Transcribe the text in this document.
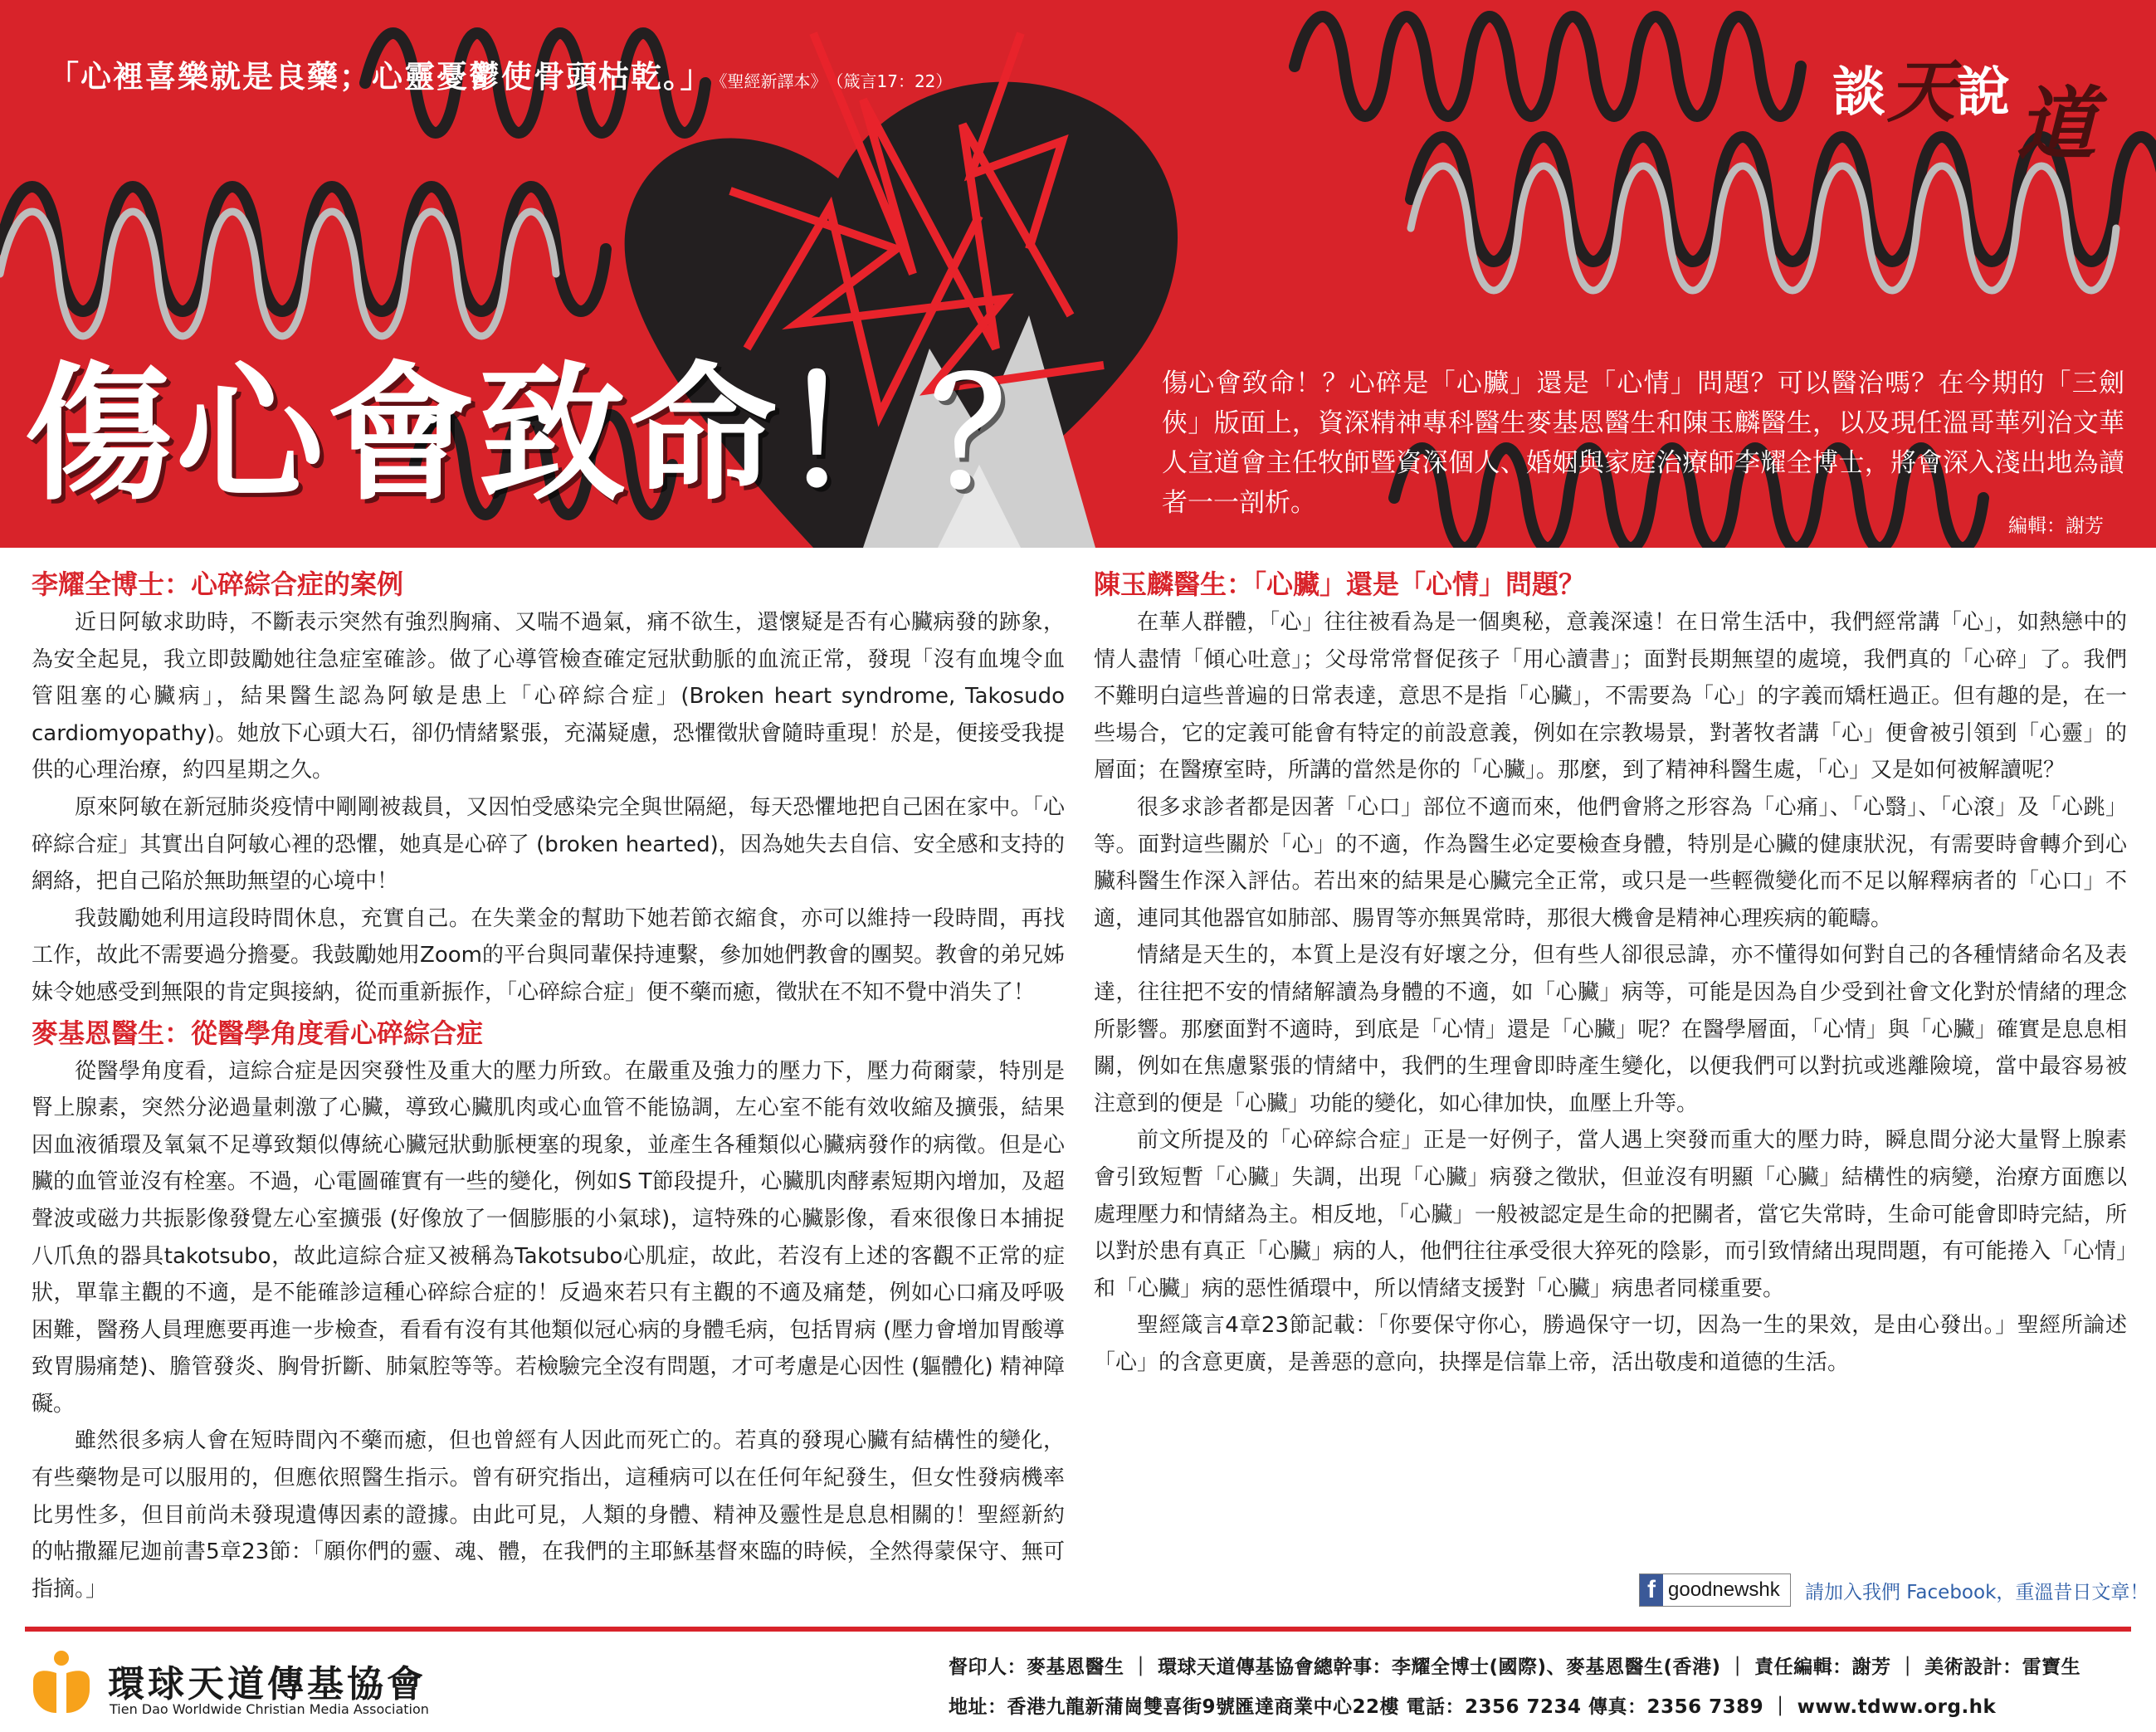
「心裡喜樂就是良藥；心靈憂鬱使骨頭枯乾。」 《聖經新譯本》 （箴言17：22）	談 天 說 道
傷心會致命！？	傷心會致命！？心碎是「心臟」還是「心情」問題？可以醫治嗎？在今期的「三劍俠」版面上，資深精神專科醫生麥基恩醫生和陳玉麟醫生，以及現任溫哥華列治文華人宣道會主任牧師暨資深個人、婚姻與家庭治療師李耀全博士，將會深入淺出地為讀者一一剖析。
編輯：謝芳
李耀全博士：心碎綜合症的案例

近日阿敏求助時，不斷表示突然有強烈胸痛、又喘不過氣，痛不欲生，還懷疑是否有心臟病發的跡象，為安全起見，我立即鼓勵她往急症室確診。做了心導管檢查確定冠狀動脈的血流正常，發現「沒有血塊令血管阻塞的心臟病」，結果醫生認為阿敏是患上「心碎綜合症」(Broken heart syndrome, Takosudo cardiomyopathy)。她放下心頭大石，卻仍情緒緊張，充滿疑慮，恐懼徵狀會隨時重現！於是，便接受我提供的心理治療，約四星期之久。

原來阿敏在新冠肺炎疫情中剛剛被裁員，又因怕受感染完全與世隔絕，每天恐懼地把自己困在家中。「心碎綜合症」其實出自阿敏心裡的恐懼，她真是心碎了 (broken hearted)，因為她失去自信、安全感和支持的網絡，把自己陷於無助無望的心境中！

我鼓勵她利用這段時間休息，充實自己。在失業金的幫助下她若節衣縮食，亦可以維持一段時間，再找工作，故此不需要過分擔憂。我鼓勵她用Zoom的平台與同輩保持連繫，參加她們教會的團契。教會的弟兄姊妹令她感受到無限的肯定與接納，從而重新振作，「心碎綜合症」便不藥而癒，徵狀在不知不覺中消失了！

麥基恩醫生：從醫學角度看心碎綜合症

從醫學角度看，這綜合症是因突發性及重大的壓力所致。在嚴重及強力的壓力下，壓力荷爾蒙，特別是腎上腺素，突然分泌過量刺激了心臟，導致心臟肌肉或心血管不能協調，左心室不能有效收縮及擴張，結果因血液循環及氧氣不足導致類似傳統心臟冠狀動脈梗塞的現象，並產生各種類似心臟病發作的病徵。但是心臟的血管並沒有栓塞。不過，心電圖確實有一些的變化，例如S T節段提升，心臟肌肉酵素短期內增加，及超聲波或磁力共振影像發覺左心室擴張 (好像放了一個膨脹的小氣球)，這特殊的心臟影像，看來很像日本捕捉八爪魚的器具takotsubo，故此這綜合症又被稱為Takotsubo心肌症，故此，若沒有上述的客觀不正常的症狀，單靠主觀的不適，是不能確診這種心碎綜合症的！反過來若只有主觀的不適及痛楚，例如心口痛及呼吸困難，醫務人員理應要再進一步檢查，看看有沒有其他類似冠心病的身體毛病，包括胃病 (壓力會增加胃酸導致胃腸痛楚)、膽管發炎、胸骨折斷、肺氣腔等等。若檢驗完全沒有問題，才可考慮是心因性 (軀體化) 精神障礙。

雖然很多病人會在短時間內不藥而癒，但也曾經有人因此而死亡的。若真的發現心臟有結構性的變化，有些藥物是可以服用的，但應依照醫生指示。曾有研究指出，這種病可以在任何年紀發生，但女性發病機率比男性多，但目前尚未發現遺傳因素的證據。由此可見，人類的身體、精神及靈性是息息相關的！聖經新約的帖撒羅尼迦前書5章23節：「願你們的靈、魂、體，在我們的主耶穌基督來臨的時候，全然得蒙保守、無可指摘。」

陳玉麟醫生：「心臟」還是「心情」問題？

在華人群體，「心」往往被看為是一個奧秘，意義深遠！在日常生活中，我們經常講「心」，如熱戀中的情人盡情「傾心吐意」；父母常常督促孩子「用心讀書」；面對長期無望的處境，我們真的「心碎」了。我們不難明白這些普遍的日常表達，意思不是指「心臟」，不需要為「心」的字義而矯枉過正。但有趣的是，在一些場合，它的定義可能會有特定的前設意義，例如在宗教場景，對著牧者講「心」便會被引領到「心靈」的層面；在醫療室時，所講的當然是你的「心臟」。那麼，到了精神科醫生處，「心」又是如何被解讀呢？

很多求診者都是因著「心口」部位不適而來，他們會將之形容為「心痛」、「心翳」、「心滾」及「心跳」等。面對這些關於「心」的不適，作為醫生必定要檢查身體，特別是心臟的健康狀況，有需要時會轉介到心臟科醫生作深入評估。若出來的結果是心臟完全正常，或只是一些輕微變化而不足以解釋病者的「心口」不適，連同其他器官如肺部、腸胃等亦無異常時，那很大機會是精神心理疾病的範疇。

情緒是天生的，本質上是沒有好壞之分，但有些人卻很忌諱，亦不懂得如何對自己的各種情緒命名及表達，往往把不安的情緒解讀為身體的不適，如「心臟」病等，可能是因為自少受到社會文化對於情緒的理念所影響。那麼面對不適時，到底是「心情」還是「心臟」呢？在醫學層面，「心情」與「心臟」確實是息息相關，例如在焦慮緊張的情緒中，我們的生理會即時產生變化，以便我們可以對抗或逃離險境，當中最容易被注意到的便是「心臟」功能的變化，如心律加快，血壓上升等。

前文所提及的「心碎綜合症」正是一好例子，當人遇上突發而重大的壓力時，瞬息間分泌大量腎上腺素會引致短暫「心臟」失調，出現「心臟」病發之徵狀，但並沒有明顯「心臟」結構性的病變，治療方面應以處理壓力和情緒為主。相反地，「心臟」一般被認定是生命的把關者，當它失常時，生命可能會即時完結，所以對於患有真正「心臟」病的人，他們往往承受很大猝死的陰影，而引致情緒出現問題，有可能捲入「心情」和「心臟」病的惡性循環中，所以情緒支援對「心臟」病患者同樣重要。

聖經箴言4章23節記載：「你要保守你心，勝過保守一切，因為一生的果效，是由心發出。」聖經所論述「心」的含意更廣，是善惡的意向，抉擇是信靠上帝，活出敬虔和道德的生活。

f goodnewshk	請加入我們 Facebook，重溫昔日文章！
環球天道傳基協會
Tien Dao Worldwide Christian Media Association
督印人：麥基恩醫生 ｜ 環球天道傳基協會總幹事：李耀全博士(國際)、麥基恩醫生(香港) ｜ 責任編輯：謝芳 ｜ 美術設計：雷寶生
地址：香港九龍新蒲崗雙喜街9號匯達商業中心22樓 電話：2356 7234 傳真：2356 7389 ｜ www.tdww.org.hk
